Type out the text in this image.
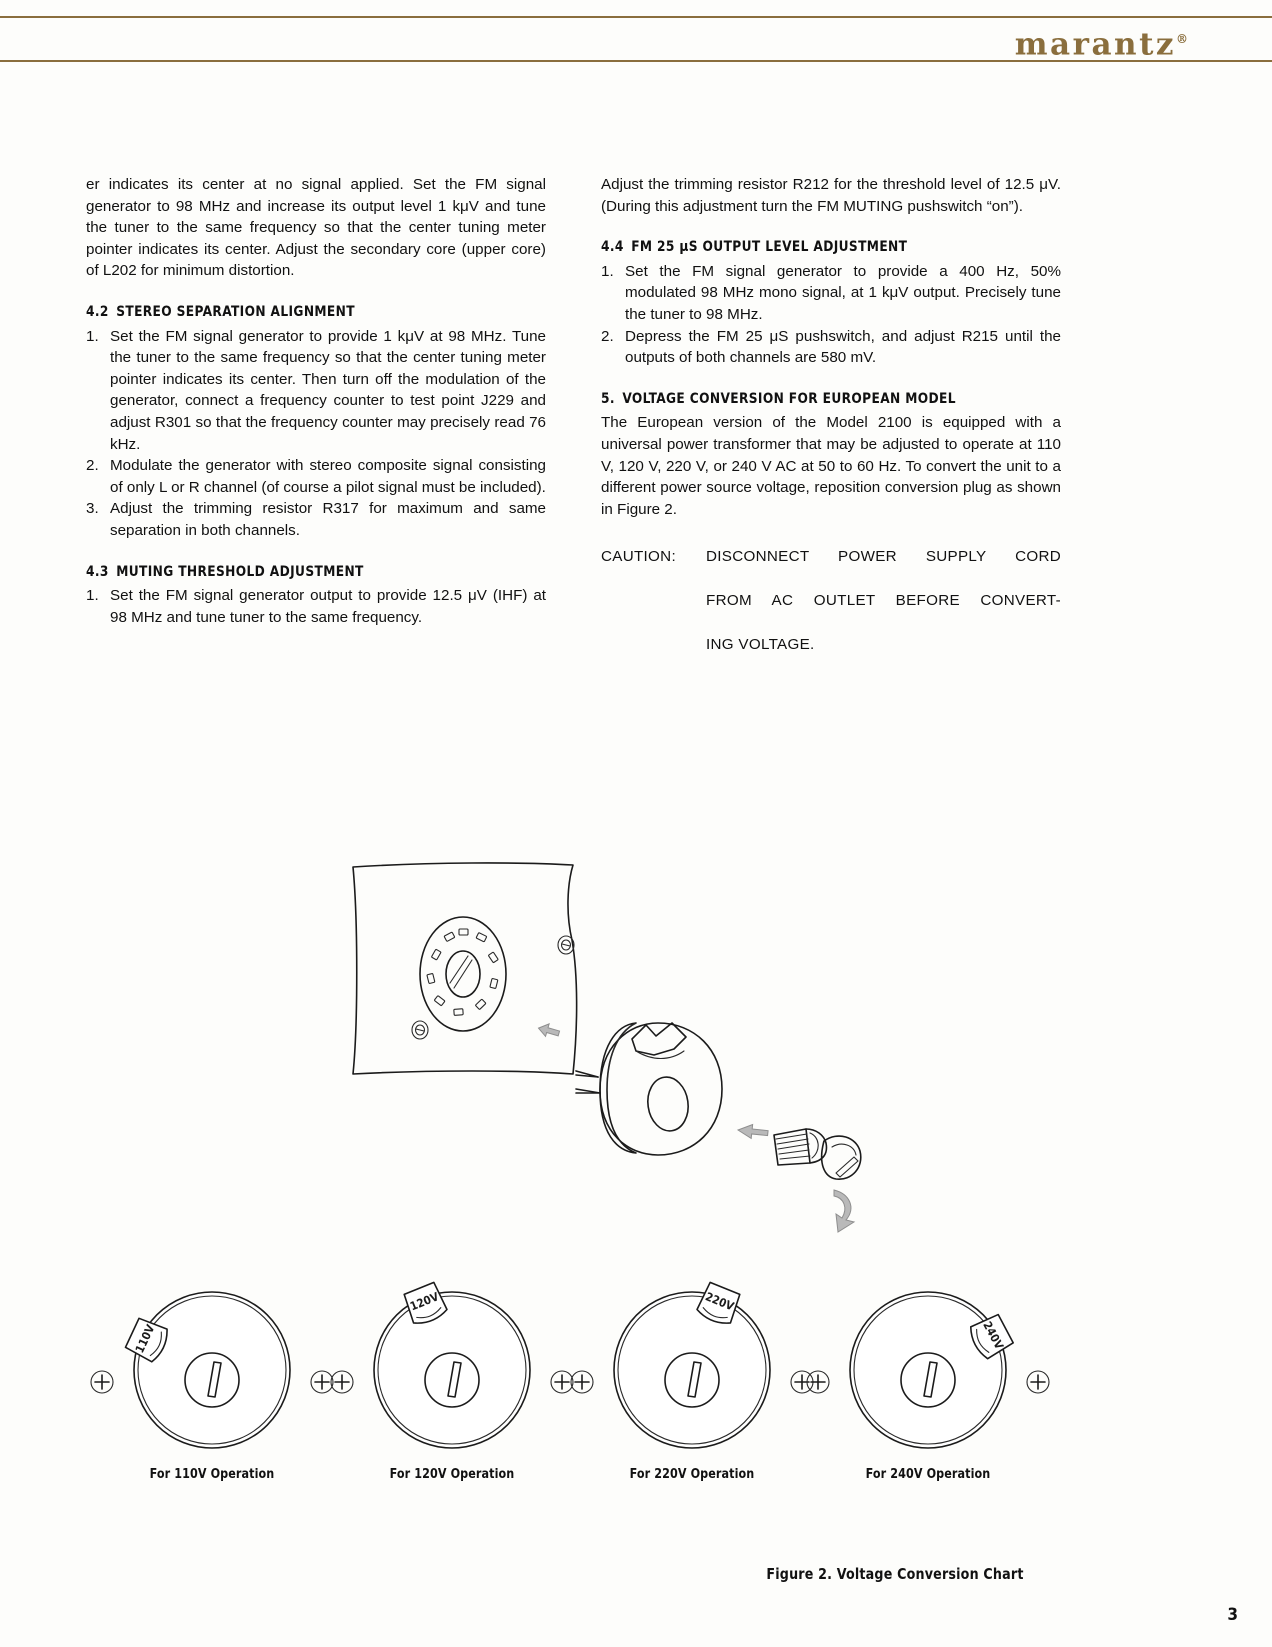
marantz®

er indicates its center at no signal applied. Set the FM signal generator to 98 MHz and increase its output level 1 kμV and tune the tuner to the same frequency so that the center tuning meter pointer indicates its center. Adjust the secondary core (upper core) of L202 for minimum distortion.

4.2 STEREO SEPARATION ALIGNMENT
1. Set the FM signal generator to provide 1 kμV at 98 MHz. Tune the tuner to the same frequency so that the center tuning meter pointer indicates its center. Then turn off the modulation of the generator, connect a frequency counter to test point J229 and adjust R301 so that the frequency counter may precisely read 76 kHz.
2. Modulate the generator with stereo composite signal consisting of only L or R channel (of course a pilot signal must be included).
3. Adjust the trimming resistor R317 for maximum and same separation in both channels.
4.3 MUTING THRESHOLD ADJUSTMENT
1. Set the FM signal generator output to provide 12.5 μV (IHF) at 98 MHz and tune tuner to the same frequency.

Adjust the trimming resistor R212 for the threshold level of 12.5 μV. (During this adjustment turn the FM MUTING pushswitch “on”).

4.4 FM 25 μS OUTPUT LEVEL ADJUSTMENT
1. Set the FM signal generator to provide a 400 Hz, 50% modulated 98 MHz mono signal, at 1 kμV output. Precisely tune the tuner to 98 MHz.
2. Depress the FM 25 μS pushswitch, and adjust R215 until the outputs of both channels are 580 mV.
5. VOLTAGE CONVERSION FOR EUROPEAN MODEL

The European version of the Model 2100 is equipped with a universal power transformer that may be adjusted to operate at 110 V, 120 V, 220 V, or 240 V AC at 50 to 60 Hz. To convert the unit to a different power source voltage, reposition conversion plug as shown in Figure 2.

CAUTION: DISCONNECT POWER SUPPLY CORD
FROM AC OUTLET BEFORE CONVERT-
ING VOLTAGE.
110V
120V	220V
240V
For 110V Operation	For 120V Operation	For 220V Operation	For 240V Operation
Figure 2. Voltage Conversion Chart
3
